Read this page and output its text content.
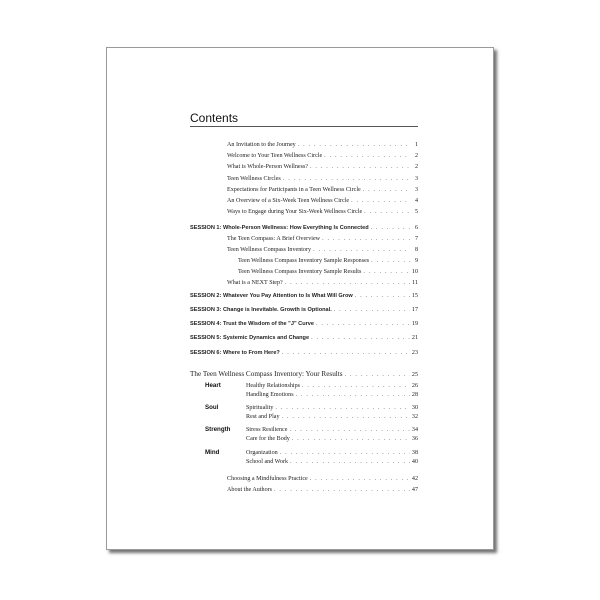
Contents
An Invitation to the Journey . . .	1
Welcome to Your Teen Wellness Circle . . .	2
What is Whole-Person Wellness? . . .	2
Teen Wellness Circles . . .	3
Expectations for Participants in a Teen Wellness Circle . . .	3
An Overview of a Six-Week Teen Wellness Circle . . .	4
Ways to Engage during Your Six-Week Wellness Circle . . .	5
SESSION 1: Whole-Person Wellness: How Everything Is Connected . . .	6
The Teen Compass: A Brief Overview . . .	7
Teen Wellness Compass Inventory . . .	8
Teen Wellness Compass Inventory Sample Responses . . .	9
Teen Wellness Compass Inventory Sample Results . . .	10
What is a NEXT Step? . . .	11
SESSION 2: Whatever You Pay Attention to Is What Will Grow . . .	15
SESSION 3: Change is Inevitable. Growth is Optional. . . .	17
SESSION 4: Trust the Wisdom of the "J" Curve . . .	19
SESSION 5: Systemic Dynamics and Change . . .	21
SESSION 6: Where to From Here? . . .	23
The Teen Wellness Compass Inventory: Your Results . . .	25
Heart	Healthy Relationships . . .	26
Handling Emotions . . .	28
Soul	Spirituality . . .	30
Rest and Play . . .	32
Strength	Stress Resilience . . .	34
Care for the Body . . .	36
Mind	Organization . . .	38
School and Work . . .	40
Choosing a Mindfulness Practice . . .	42
About the Authors . . .	47
